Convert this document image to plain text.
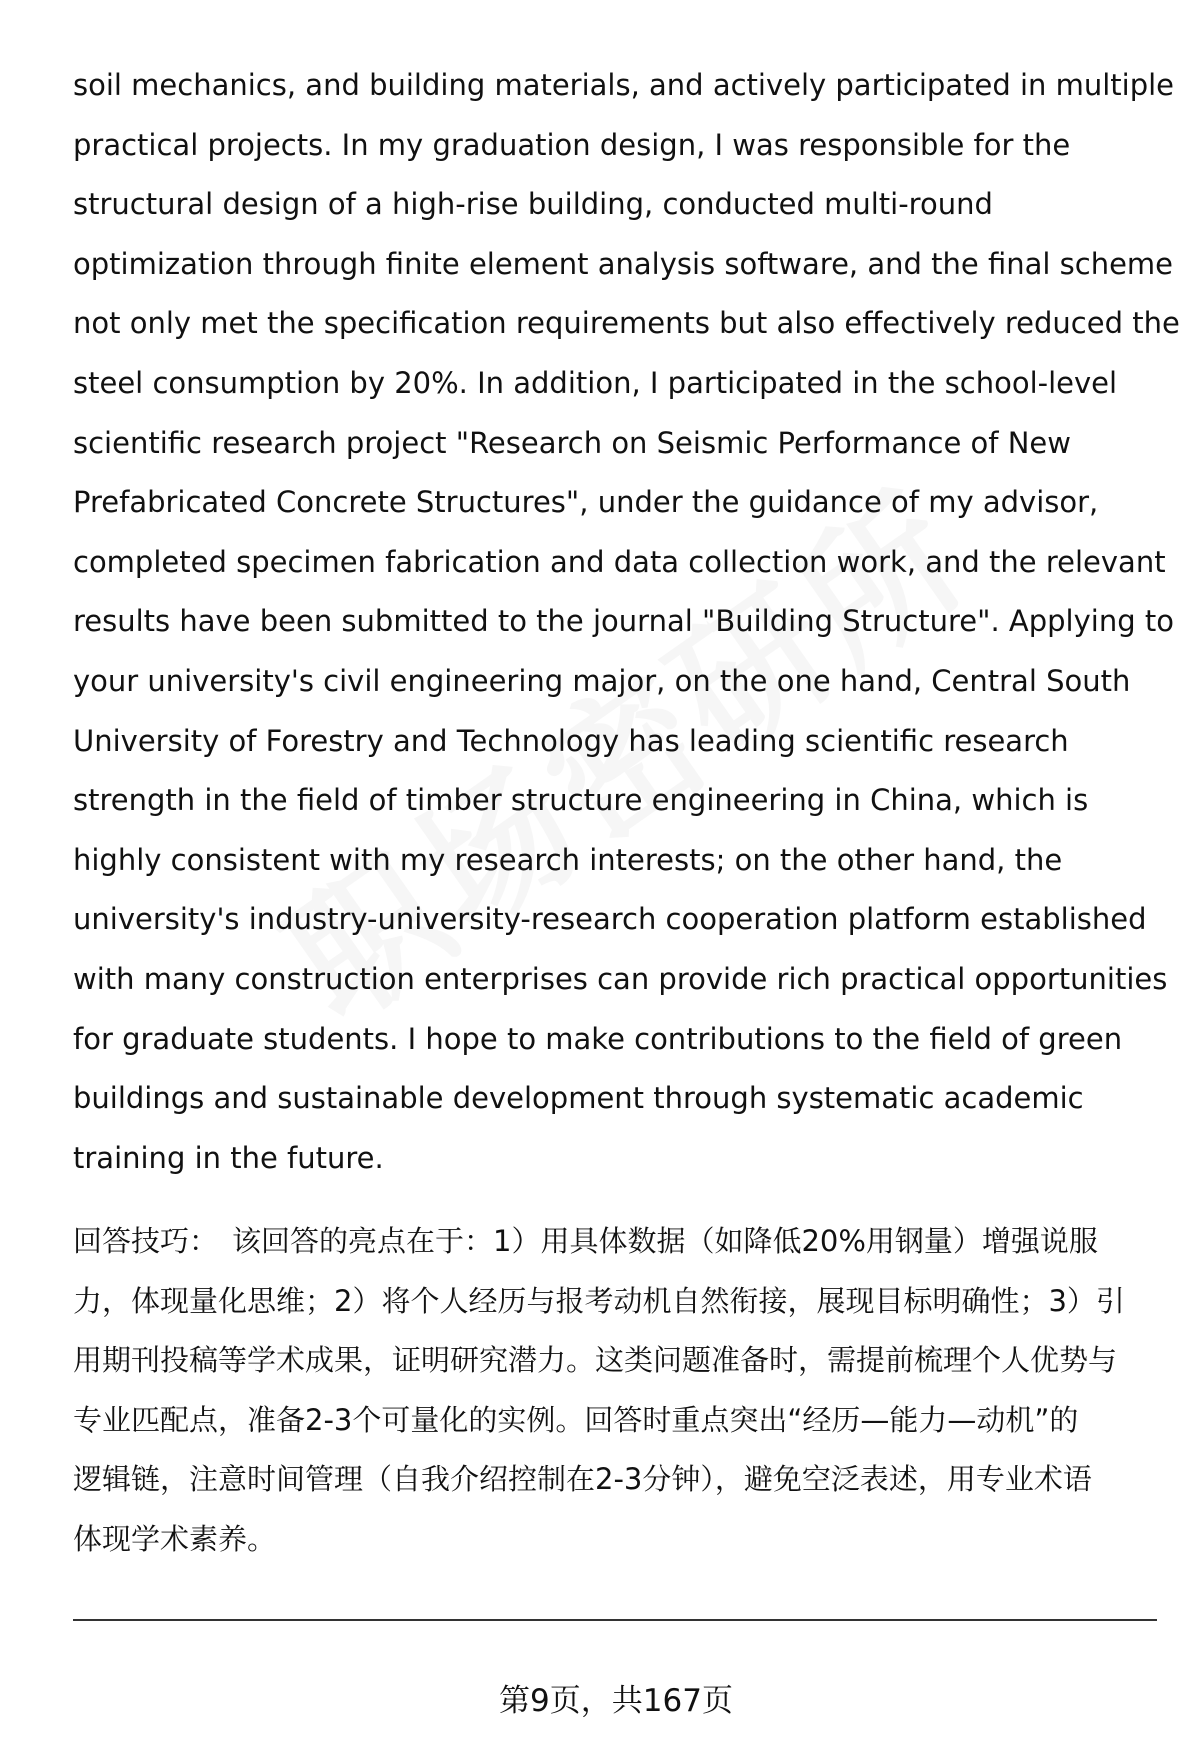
soil mechanics, and building materials, and actively participated in multiple
practical projects. In my graduation design, I was responsible for the
structural design of a high-rise building, conducted multi-round
optimization through finite element analysis software, and the final scheme
not only met the specification requirements but also effectively reduced the
steel consumption by 20%. In addition, I participated in the school-level
scientific research project "Research on Seismic Performance of New
Prefabricated Concrete Structures", under the guidance of my advisor,
completed specimen fabrication and data collection work, and the relevant
results have been submitted to the journal "Building Structure". Applying to
your university's civil engineering major, on the one hand, Central South
University of Forestry and Technology has leading scientific research
strength in the field of timber structure engineering in China, which is
highly consistent with my research interests; on the other hand, the
university's industry-university-research cooperation platform established
with many construction enterprises can provide rich practical opportunities
for graduate students. I hope to make contributions to the field of green
buildings and sustainable development through systematic academic
training in the future.
回答技巧： 该回答的亮点在于：1）用具体数据（如降低20%用钢量）增强说服
力，体现量化思维；2）将个人经历与报考动机自然衔接，展现目标明确性；3）引
用期刊投稿等学术成果，证明研究潜力。这类问题准备时，需提前梳理个人优势与
专业匹配点，准备2-3个可量化的实例。回答时重点突出“经历—能力—动机”的
逻辑链，注意时间管理（自我介绍控制在2-3分钟），避免空泛表述，用专业术语
体现学术素养。
第9页，共167页
